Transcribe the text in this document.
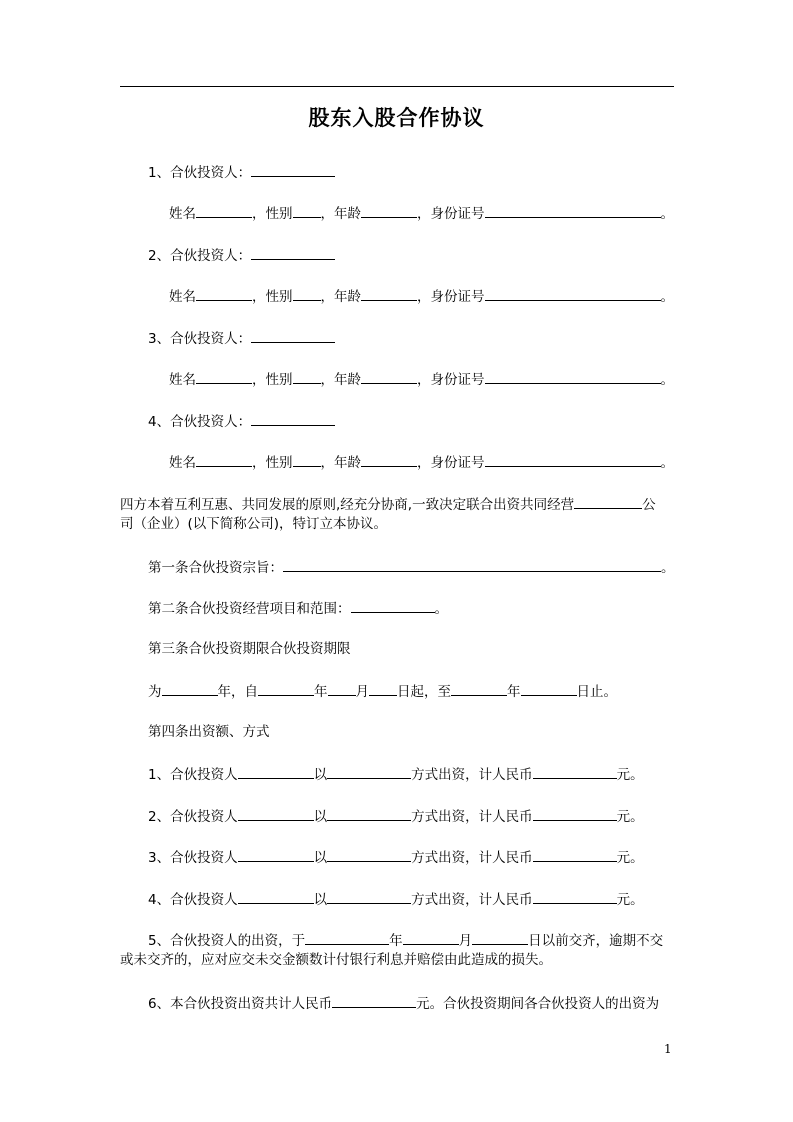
股东入股合作协议
1、合伙投资人：
姓名	，性别 ，年龄	，身份证号	。
2、合伙投资人：
姓名	，性别 ，年龄	，身份证号	。
3、合伙投资人：
姓名	，性别 ，年龄	，身份证号	。
4、合伙投资人：
姓名	，性别 ，年龄	，身份证号	。
四方本着互利互惠、共同发展的原则,经充分协商,一致决定联合出资共同经营	公
司（企业）(以下简称公司)，特订立本协议。
第一条合伙投资宗旨：	。
第二条合伙投资经营项目和范围：	。
第三条合伙投资期限合伙投资期限
为	年，自	年 月 日起，至	年	日止。
第四条出资额、方式
1、合伙投资人	以	方式出资，计人民币	元。
2、合伙投资人	以	方式出资，计人民币	元。
3、合伙投资人	以	方式出资，计人民币	元。
4、合伙投资人	以	方式出资，计人民币	元。
5、合伙投资人的出资，于	年	月	日以前交齐，逾期不交
或未交齐的，应对应交未交金额数计付银行利息并赔偿由此造成的损失。
6、本合伙投资出资共计人民币	元。合伙投资期间各合伙投资人的出资为
1
